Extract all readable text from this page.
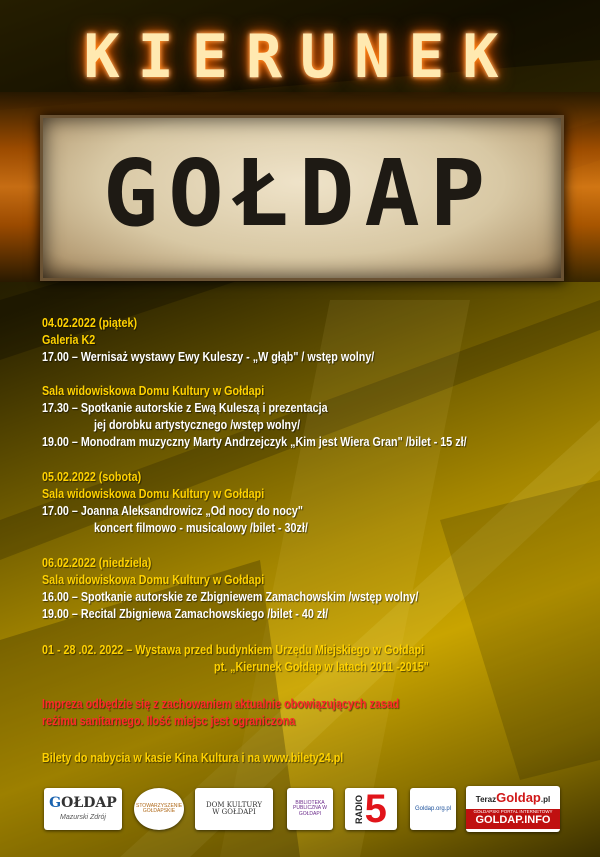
KIERUNEK
GOŁDAP
04.02.2022 (piątek)
Galeria K2
17.00 – Wernisaż wystawy Ewy Kuleszy - „W głąb" / wstęp wolny/
Sala widowiskowa Domu Kultury w Gołdapi
17.30 – Spotkanie autorskie z Ewą Kuleszą i prezentacja
jej dorobku artystycznego /wstęp wolny/
19.00 – Monodram muzyczny Marty Andrzejczyk „Kim jest Wiera Gran" /bilet - 15 zł/
05.02.2022 (sobota)
Sala widowiskowa Domu Kultury w Gołdapi
17.00 – Joanna Aleksandrowicz „Od nocy do nocy"
koncert filmowo - musicalowy /bilet - 30zł/
06.02.2022 (niedziela)
Sala widowiskowa Domu Kultury w Gołdapi
16.00 – Spotkanie autorskie ze Zbigniewem Zamachowskim /wstęp wolny/
19.00 – Recital Zbigniewa Zamachowskiego /bilet - 40 zł/
01 - 28 .02. 2022 – Wystawa przed budynkiem Urzędu Miejskiego w Gołdapi
pt. „Kierunek Gołdap w latach 2011 -2015"
Impreza odbędzie się z zachowaniem aktualnie obowiązujących zasad
reżimu sanitarnego. Ilość miejsc jest ograniczona
Bilety do nabycia w kasie Kina Kultura i na www.bilety24.pl
GOŁDAP
Mazurski Zdrój
STOWARZYSZENIE GOŁDAPSKIE
DOM KULTURY
W GOŁDAPI
BIBLIOTEKA PUBLICZNA W GOŁDAPI	RADIO 5	Goldap.org.pl
TerazGoldap.pl
GOŁDAPSKI PORTAL INTERNETOWY
GOLDAP.INFO
